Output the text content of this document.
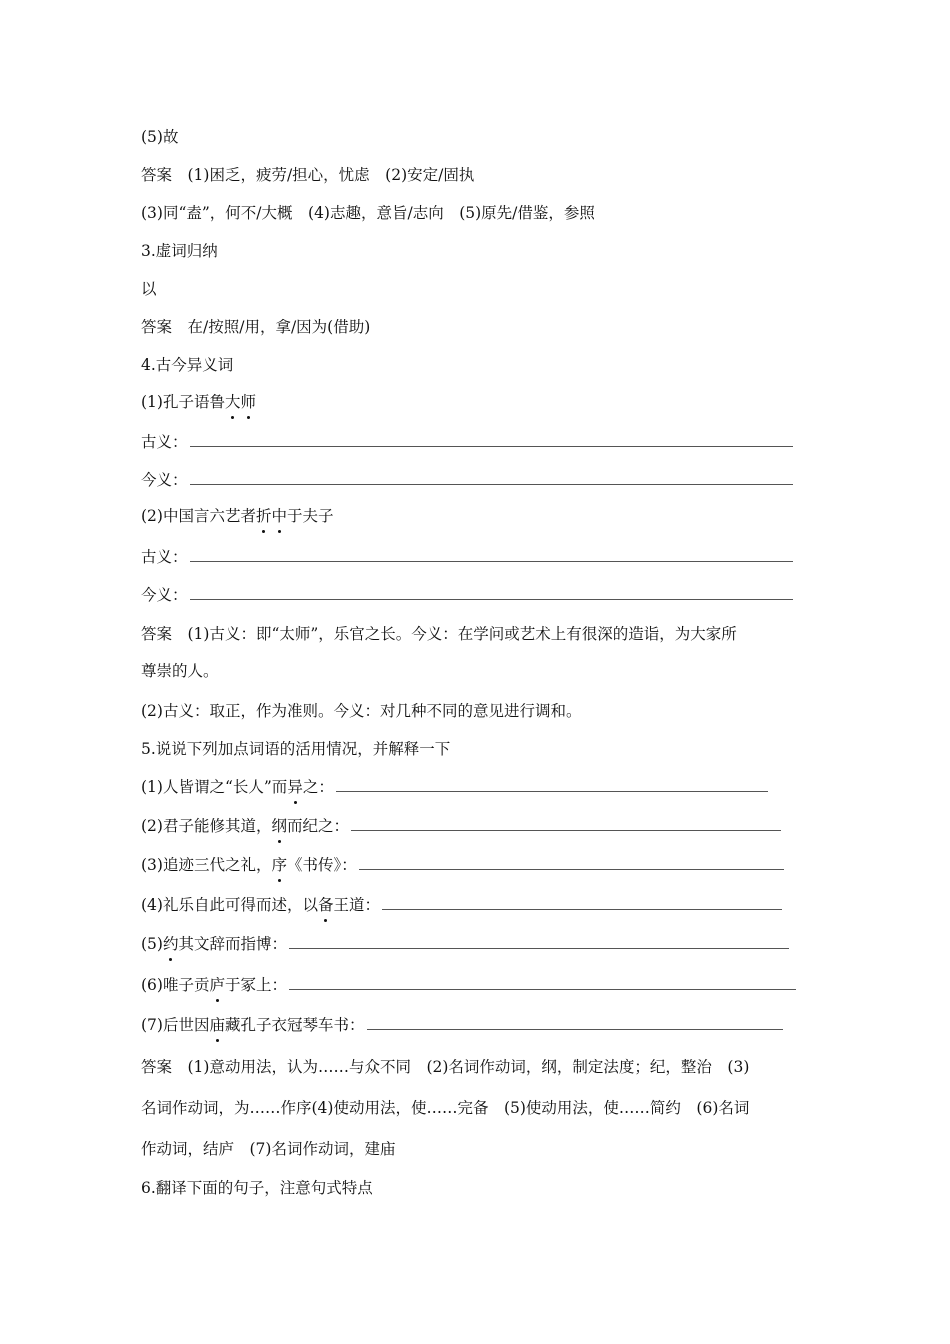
(5)故
答案　(1)困乏，疲劳/担心，忧虑　(2)安定/固执
(3)同“盍”，何不/大概　(4)志趣，意旨/志向　(5)原先/借鉴，参照
3.虚词归纳
以
答案　在/按照/用，拿/因为(借助)
4.古今异义词
(1)孔子语鲁 大 师
古义：
今义：
(2)中国言六艺者 折 中 于夫子
古义：
今义：
答案　(1)古义：即“太师”，乐官之长。今义：在学问或艺术上有很深的造诣，为大家所
尊崇的人。
(2)古义：取正，作为准则。今义：对几种不同的意见进行调和。
5.说说下列加点词语的活用情况，并解释一下
(1)人皆谓之“长人”而 异 之：
(2)君子能修其道， 纲 而纪之：
(3)追迹三代之礼， 序 《书传》：
(4)礼乐自此可得而述，以 备 王道：
(5) 约 其文辞而指博：
(6)唯子贡 庐 于冢上：
(7)后世因 庙 藏孔子衣冠琴车书：
答案　(1)意动用法，认为……与众不同　(2)名词作动词，纲，制定法度；纪，整治　(3)
名词作动词，为……作序(4)使动用法，使……完备　(5)使动用法，使……简约　(6)名词
作动词，结庐　(7)名词作动词，建庙
6.翻译下面的句子，注意句式特点
